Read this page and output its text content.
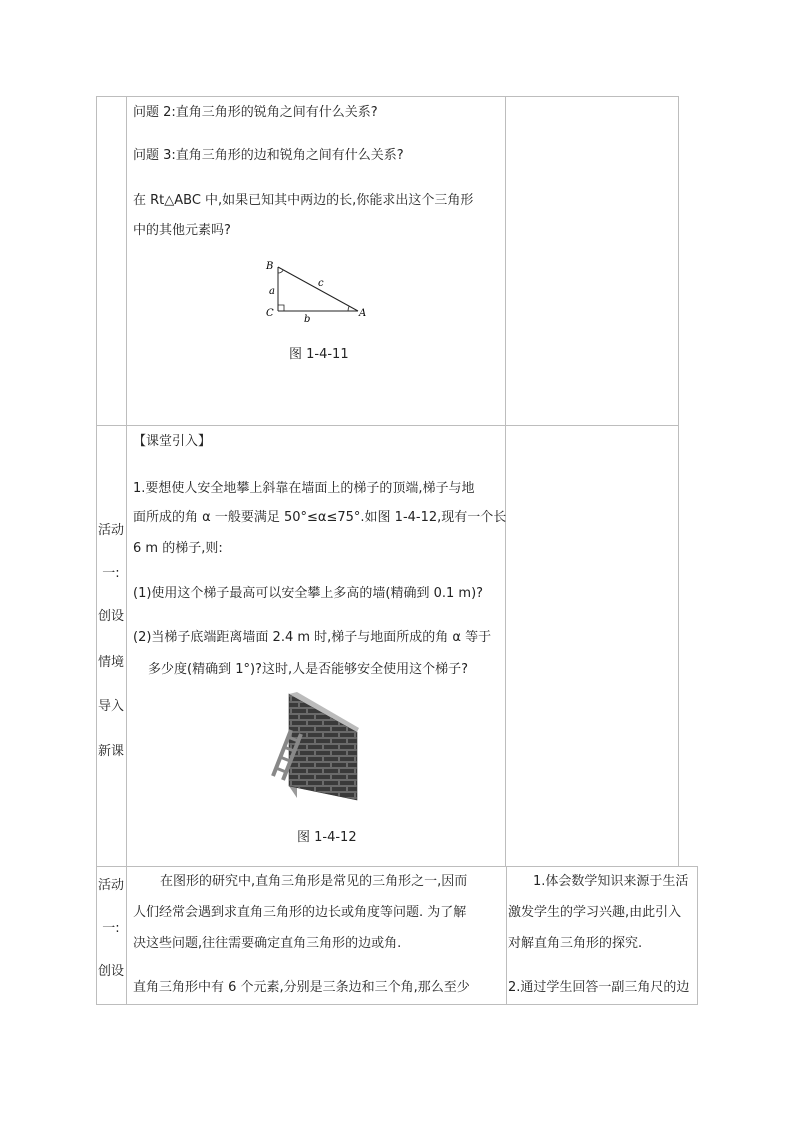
问题 2:直角三角形的锐角之间有什么关系?
问题 3:直角三角形的边和锐角之间有什么关系?
在 Rt△ABC 中,如果已知其中两边的长,你能求出这个三角形
中的其他元素吗?
B
C	A
a
b
c
图 1-4-11
活动
一:
创设
情境
导入
新课
【课堂引入】
1.要想使人安全地攀上斜靠在墙面上的梯子的顶端,梯子与地
面所成的角 α 一般要满足 50°≤α≤75°.如图 1-4-12,现有一个长
6 m 的梯子,则:
(1)使用这个梯子最高可以安全攀上多高的墙(精确到 0.1 m)?
(2)当梯子底端距离墙面 2.4 m 时,梯子与地面所成的角 α 等于
多少度(精确到 1°)?这时,人是否能够安全使用这个梯子?
图 1-4-12
活动
一:
创设
在图形的研究中,直角三角形是常见的三角形之一,因而
人们经常会遇到求直角三角形的边长或角度等问题. 为了解
决这些问题,往往需要确定直角三角形的边或角.
直角三角形中有 6 个元素,分别是三条边和三个角,那么至少
1.体会数学知识来源于生活
激发学生的学习兴趣,由此引入
对解直角三角形的探究.
2.通过学生回答一副三角尺的边
